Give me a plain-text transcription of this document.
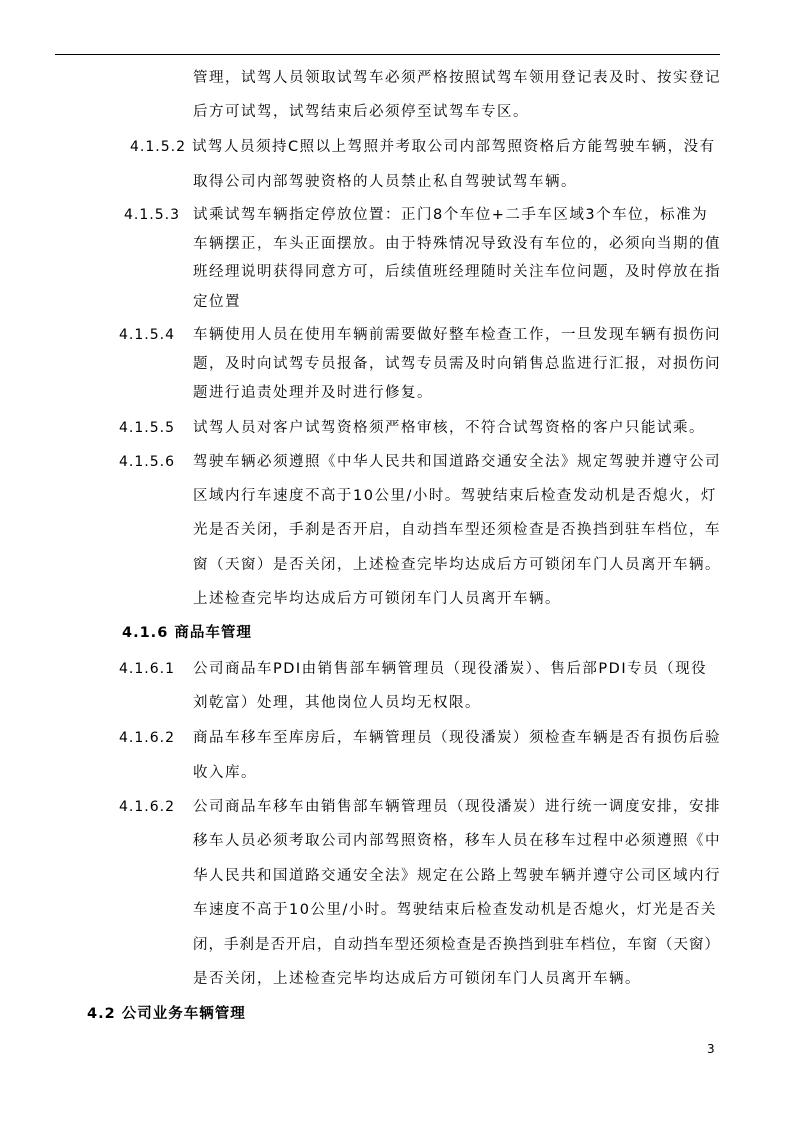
管理，试驾人员领取试驾车必须严格按照试驾车领用登记表及时、按实登记
后方可试驾，试驾结束后必须停至试驾车专区。
4.1.5.2 试驾人员须持C照以上驾照并考取公司内部驾照资格后方能驾驶车辆，没有
取得公司内部驾驶资格的人员禁止私自驾驶试驾车辆。
4.1.5.3 试乘试驾车辆指定停放位置：正门8个车位+二手车区域3个车位，标准为
车辆摆正，车头正面摆放。由于特殊情况导致没有车位的，必须向当期的值
班经理说明获得同意方可，后续值班经理随时关注车位问题，及时停放在指
定位置
4.1.5.4 车辆使用人员在使用车辆前需要做好整车检查工作，一旦发现车辆有损伤问
题，及时向试驾专员报备，试驾专员需及时向销售总监进行汇报，对损伤问
题进行追责处理并及时进行修复。
4.1.5.5 试驾人员对客户试驾资格须严格审核，不符合试驾资格的客户只能试乘。
4.1.5.6 驾驶车辆必须遵照《中华人民共和国道路交通安全法》规定驾驶并遵守公司
区域内行车速度不高于10公里/小时。驾驶结束后检查发动机是否熄火，灯
光是否关闭，手刹是否开启，自动挡车型还须检查是否换挡到驻车档位，车
窗（天窗）是否关闭，上述检查完毕均达成后方可锁闭车门人员离开车辆。
上述检查完毕均达成后方可锁闭车门人员离开车辆。
4.1.6 商品车管理
4.1.6.1 公司商品车PDI由销售部车辆管理员（现役潘炭）、售后部PDI专员（现役
刘乾富）处理，其他岗位人员均无权限。
4.1.6.2 商品车移车至库房后，车辆管理员（现役潘炭）须检查车辆是否有损伤后验
收入库。
4.1.6.2 公司商品车移车由销售部车辆管理员（现役潘炭）进行统一调度安排，安排
移车人员必须考取公司内部驾照资格，移车人员在移车过程中必须遵照《中
华人民共和国道路交通安全法》规定在公路上驾驶车辆并遵守公司区域内行
车速度不高于10公里/小时。驾驶结束后检查发动机是否熄火，灯光是否关
闭，手刹是否开启，自动挡车型还须检查是否换挡到驻车档位，车窗（天窗）
是否关闭，上述检查完毕均达成后方可锁闭车门人员离开车辆。
4.2 公司业务车辆管理
3
